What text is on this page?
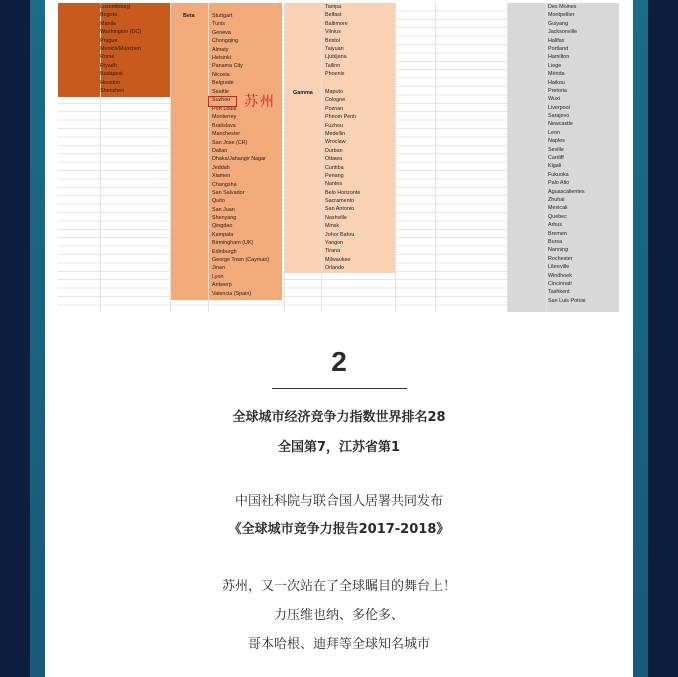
Luxembourg
Bogota
Manila
Washington (DC)
Prague
Munich/München
Rome
Riyadh
Budapest
Houston
Shenzhen
Beta
Gamma
Stuttgart
Tunis
Geneva
Chongqing
Almaty
Helsinki
Panama City
Nicosia
Belgrade
Seattle
Suzhou
Port Louis
Monterrey
Bratislava
Manchester
San Jose (CR)
Dalian
Dhaka/Jahangir Nagar
Jeddah
Xiamen
Changsha
San Salvador
Quito
San Juan
Shenyang
Qingdao
Kampala
Birmingham (UK)
Edinburgh
George Town (Cayman)
Jinan
Lyon
Antwerp
Valencia (Spain)
苏州
Tampa
Belfast
Baltimore
Vilnius
Bristol
Taiyuan
Ljubljana
Tallinn
Phoenix
Maputo
Cologne
Poznan
Phnom Penh
Fuzhou
Medellin
Wroclaw
Durban
Ottawa
Curitiba
Penang
Nantes
Belo Horizonte
Sacramento
San Antonio
Nashville
Minsk
Johor Bahru
Yangon
Tirana
Milwaukee
Orlando
Des Moines
Montpellier
Guiyang
Jacksonville
Halifax
Portland
Hamilton
Liege
Mérida
Haikou
Pretoria
Wuxi
Liverpool
Sarajevo
Newcastle
Leon
Naples
Seville
Cardiff
Kigali
Fukuoka
Palo Alto
Aguascalientes
Zhuhai
Mexicali
Quebec
Arhus
Bremen
Bursa
Nanning
Rochester
Libreville
Windhoek
Cincinnati
Tashkent
San Luis Potosi
2
全球城市经济竞争力指数世界排名28
全国第7，江苏省第1
中国社科院与联合国人居署共同发布
《全球城市竞争力报告2017-2018》
苏州，又一次站在了全球瞩目的舞台上！
力压维也纳、多伦多、
哥本哈根、迪拜等全球知名城市
